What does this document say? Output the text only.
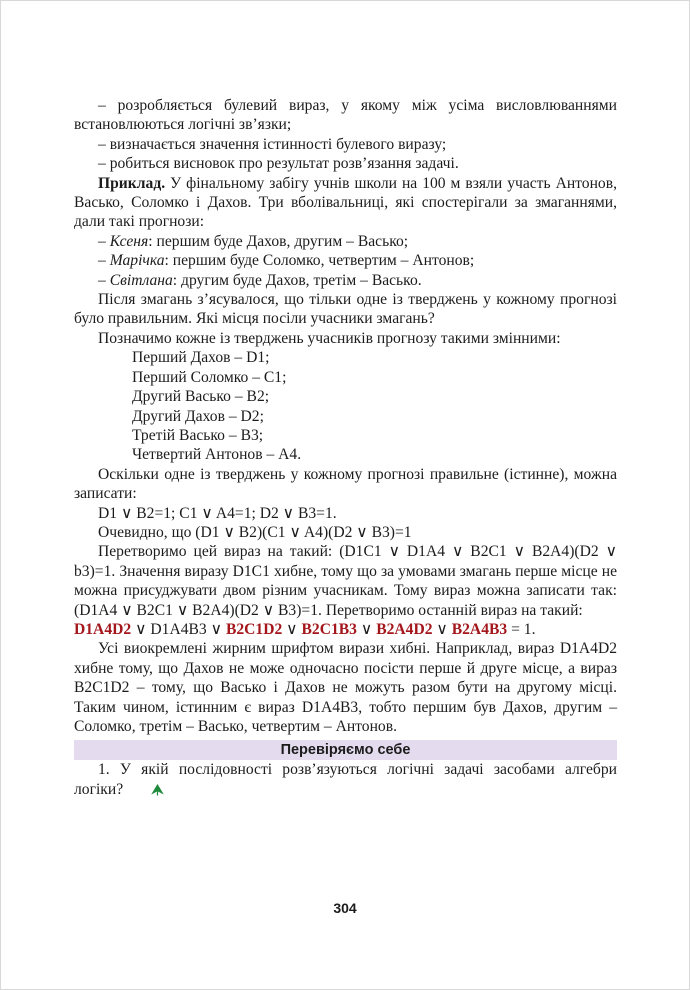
– розробляється булевий вираз, у якому між усіма висловлюваннями встановлюються логічні зв’язки;

– визначається значення істинності булевого виразу;

– робиться висновок про результат розв’язання задачі.

Приклад. У фінальному забігу учнів школи на 100 м взяли участь Антонов, Васько, Соломко і Дахов. Три вболівальниці, які спостерігали за змаганнями, дали такі прогнози:

– Ксеня: першим буде Дахов, другим – Васько;

– Марічка: першим буде Соломко, четвертим – Антонов;

– Світлана: другим буде Дахов, третім – Васько.

Після змагань з’ясувалося, що тільки одне із тверджень у кожному прогнозі було правильним. Які місця посіли учасники змагань?

Позначимо кожне із тверджень учасників прогнозу такими змінними:

Перший Дахов – D1;

Перший Соломко – C1;

Другий Васько – B2;

Другий Дахов – D2;

Третій Васько – B3;

Четвертий Антонов – A4.

Оскільки одне із тверджень у кожному прогнозі правильне (істинне), можна записати:

D1 ∨ B2=1; C1 ∨ A4=1; D2 ∨ B3=1.

Очевидно, що (D1 ∨ B2)(C1 ∨ A4)(D2 ∨ B3)=1

Перетворимо цей вираз на такий: (D1C1 ∨ D1A4 ∨ B2C1 ∨ B2A4)(D2 ∨ b3)=1. Значення виразу D1C1 хибне, тому що за умовами змагань перше місце не можна присуджувати двом різним учасникам. Тому вираз можна записати так: (D1A4 ∨ B2C1 ∨ B2A4)(D2 ∨ B3)=1. Перетворимо останній вираз на такий:

D1A4D2 ∨ D1A4B3 ∨ B2C1D2 ∨ B2C1B3 ∨ B2A4D2 ∨ B2A4B3 = 1.

Усі виокремлені жирним шрифтом вирази хибні. Наприклад, вираз D1A4D2 хибне тому, що Дахов не може одночасно посісти перше й друге місце, а вираз B2C1D2 – тому, що Васько і Дахов не можуть разом бути на другому місці. Таким чином, істинним є вираз D1A4B3, тобто першим був Дахов, другим – Соломко, третім – Васько, четвертим – Антонов.

Перевіряємо себе

1. У якій послідовності розв’язуються логічні задачі засобами алгебри логіки?

304
